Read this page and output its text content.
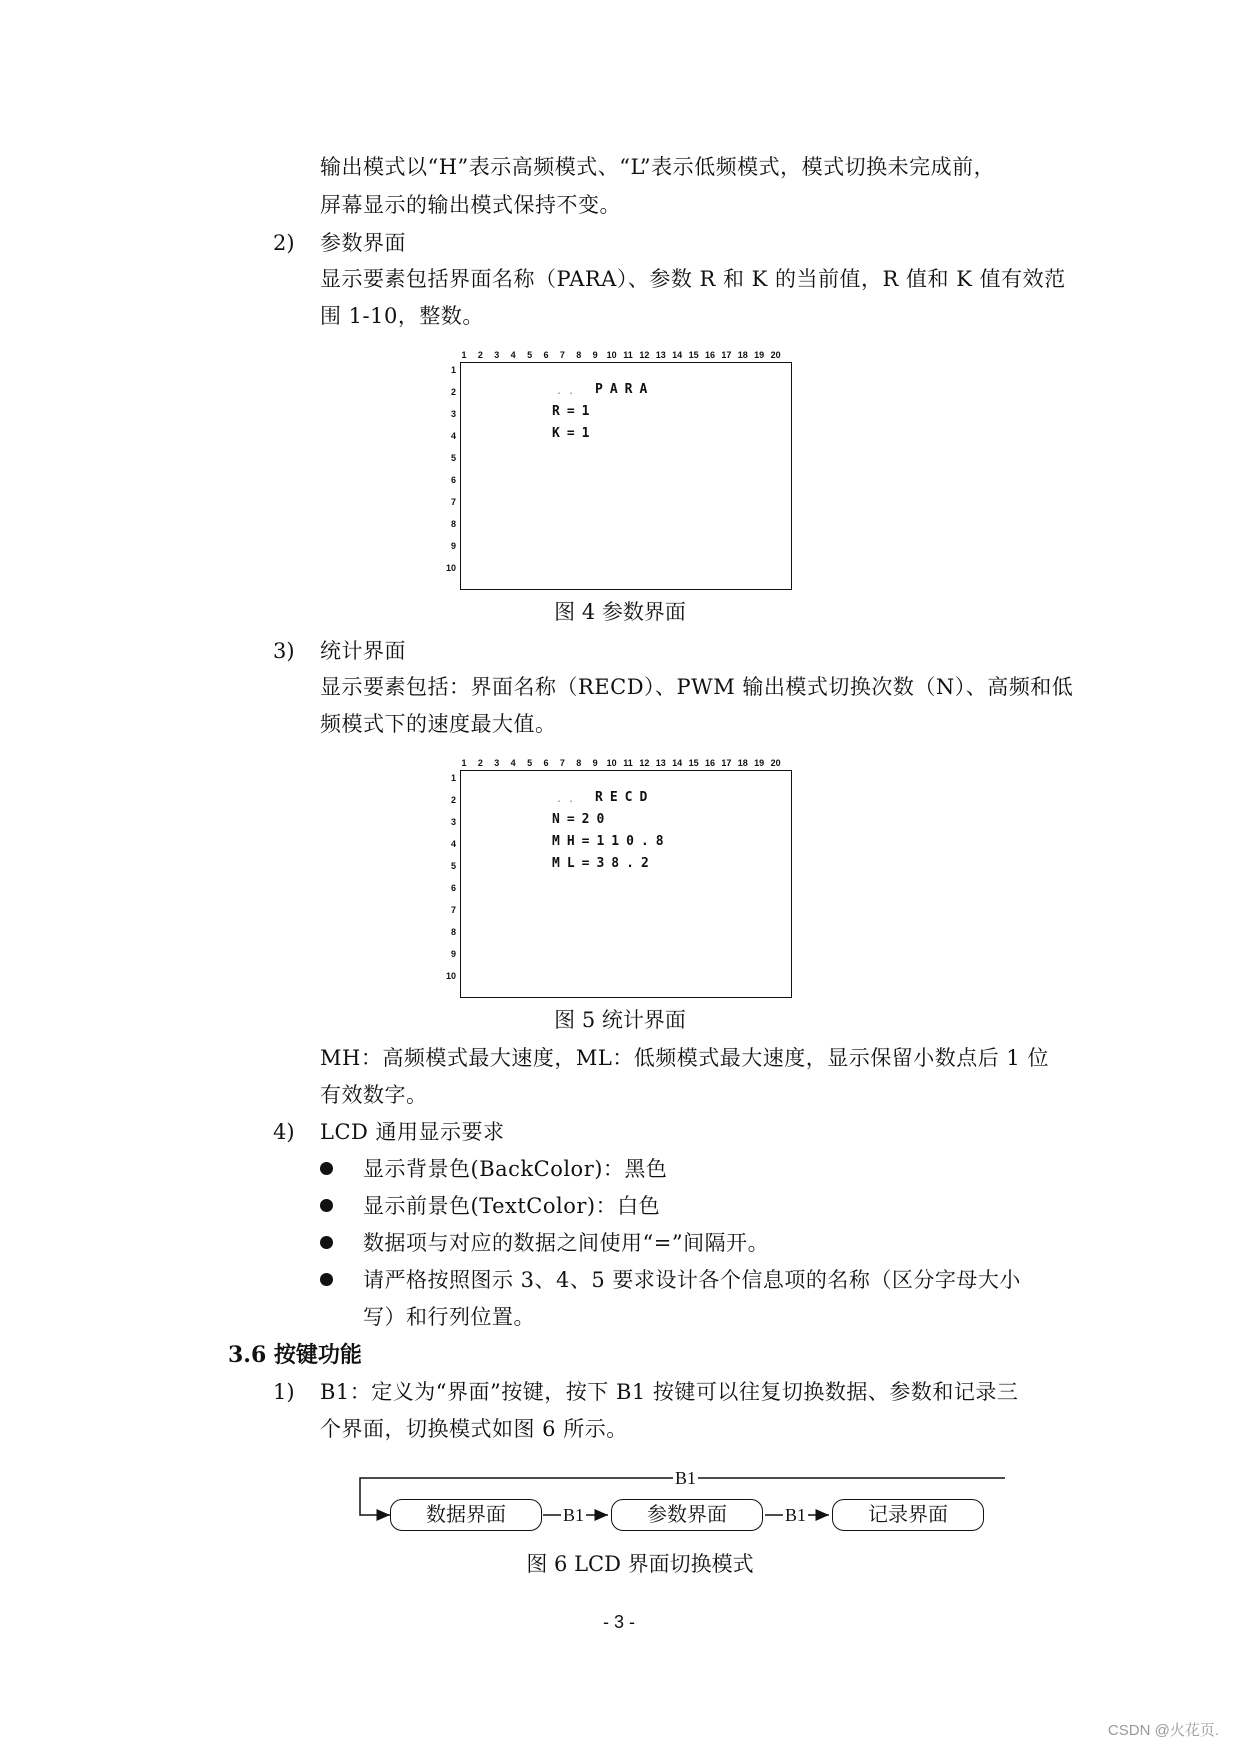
输出模式以“H”表示高频模式、“L”表示低频模式，模式切换未完成前，
屏幕显示的输出模式保持不变。
2) 参数界面
显示要素包括界面名称（PARA）、参数 R 和 K 的当前值，R 值和 K 值有效范
围 1-10，整数。
1	2	3	4	5	6	7	8	9 10 11 12 13 14 15 16 17 18 19 20
1
2
3
4
5
6
7
8
9
10
.. PARA
R=1
K=1
图 4 参数界面
3) 统计界面
显示要素包括：界面名称（RECD）、PWM 输出模式切换次数（N）、高频和低
频模式下的速度最大值。
1	2	3	4	5	6	7	8	9 10 11 12 13 14 15 16 17 18 19 20
1
2
3
4
5
6
7
8
9
10
.. RECD
N=20
MH=110.8
ML=38.2
图 5 统计界面
MH：高频模式最大速度，ML：低频模式最大速度，显示保留小数点后 1 位
有效数字。
4) LCD 通用显示要求
显示背景色(BackColor)：黑色
显示前景色(TextColor)：白色
数据项与对应的数据之间使用“=”间隔开。
请严格按照图示 3、4、5 要求设计各个信息项的名称（区分字母大小
写）和行列位置。
3.6 按键功能
1) B1：定义为“界面”按键，按下 B1 按键可以往复切换数据、参数和记录三
个界面，切换模式如图 6 所示。
数据界面	参数界面	记录界面
B1	B1
B1
图 6 LCD 界面切换模式
- 3 -
CSDN @火花页.
